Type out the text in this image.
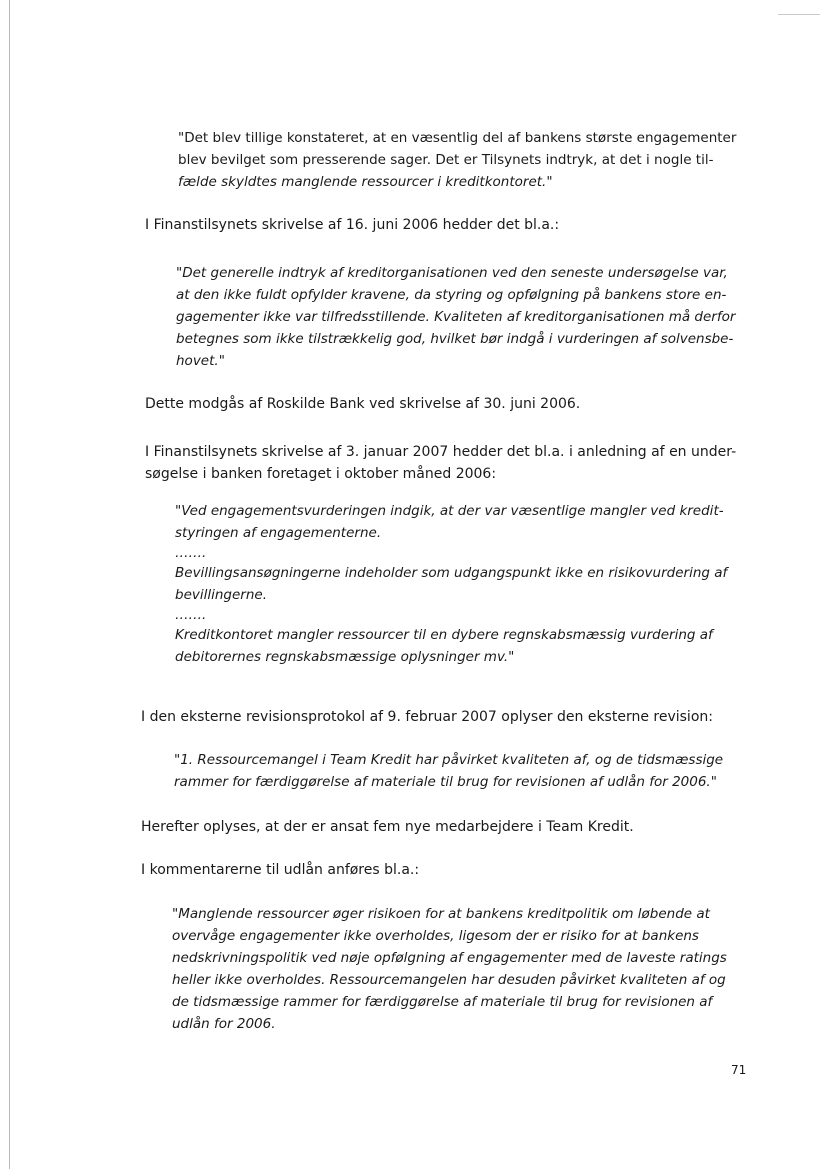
"Det blev tillige konstateret, at en væsentlig del af bankens største engagementer
blev bevilget som presserende sager. Det er Tilsynets indtryk, at det i nogle til-
fælde skyldtes manglende ressourcer i kreditkontoret."

I Finanstilsynets skrivelse af 16. juni 2006 hedder det bl.a.:

"Det generelle indtryk af kreditorganisationen ved den seneste undersøgelse var,
at den ikke fuldt opfylder kravene, da styring og opfølgning på bankens store en-
gagementer ikke var tilfredsstillende. Kvaliteten af kreditorganisationen må derfor
betegnes som ikke tilstrækkelig god, hvilket bør indgå i vurderingen af solvensbe-
hovet."

Dette modgås af Roskilde Bank ved skrivelse af 30. juni 2006.

I Finanstilsynets skrivelse af 3. januar 2007 hedder det bl.a. i anledning af en under-
søgelse i banken foretaget i oktober måned 2006:

"Ved engagementsvurderingen indgik, at der var væsentlige mangler ved kredit-
styringen af engagementerne.
…….
Bevillingsansøgningerne indeholder som udgangspunkt ikke en risikovurdering af
bevillingerne.
…….
Kreditkontoret mangler ressourcer til en dybere regnskabsmæssig vurdering af
debitorernes regnskabsmæssige oplysninger mv."

I den eksterne revisionsprotokol af 9. februar 2007 oplyser den eksterne revision:

"1. Ressourcemangel i Team Kredit har påvirket kvaliteten af, og de tidsmæssige
rammer for færdiggørelse af materiale til brug for revisionen af udlån for 2006."

Herefter oplyses, at der er ansat fem nye medarbejdere i Team Kredit.

I kommentarerne til udlån anføres bl.a.:

"Manglende ressourcer øger risikoen for at bankens kreditpolitik om løbende at
overvåge engagementer ikke overholdes, ligesom der er risiko for at bankens
nedskrivningspolitik ved nøje opfølgning af engagementer med de laveste ratings
heller ikke overholdes. Ressourcemangelen har desuden påvirket kvaliteten af og
de tidsmæssige rammer for færdiggørelse af materiale til brug for revisionen af
udlån for 2006.

71
